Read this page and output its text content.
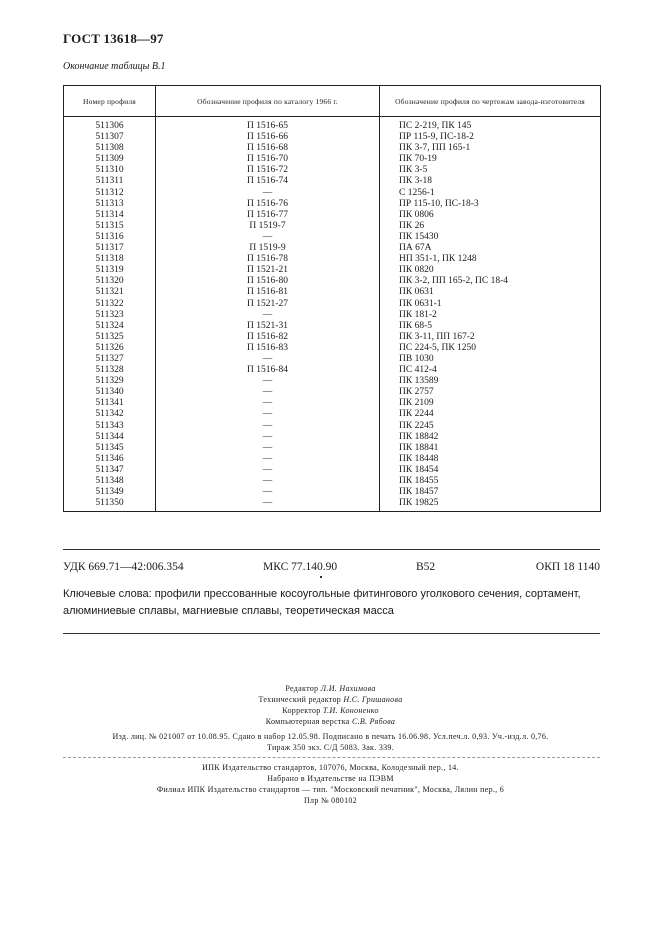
ГОСТ 13618—97
Окончание таблицы В.1
Номер профиля	Обозначение профиля по каталогу 1966 г.	Обозначение профиля по чертежам завода-изготовителя
511306	П 1516-65	ПС 2-219, ПК 145
511307	П 1516-66	ПР 115-9, ПС-18-2
511308	П 1516-68	ПК 3-7, ПП 165-1
511309	П 1516-70	ПК 70-19
511310	П 1516-72	ПК 3-5
511311	П 1516-74	ПК 3-18
511312	—	С 1256-1
511313	П 1516-76	ПР 115-10, ПС-18-3
511314	П 1516-77	ПК 0806
511315	П 1519-7	ПК 26
511316	—	ПК 15430
511317	П 1519-9	ПА 67А
511318	П 1516-78	НП 351-1, ПК 1248
511319	П 1521-21	ПК 0820
511320	П 1516-80	ПК 3-2, ПП 165-2, ПС 18-4
511321	П 1516-81	ПК 0631
511322	П 1521-27	ПК 0631-1
511323	—	ПК 181-2
511324	П 1521-31	ПК 68-5
511325	П 1516-82	ПК 3-11, ПП 167-2
511326	П 1516-83	ПС 224-5, ПК 1250
511327	—	ПВ 1030
511328	П 1516-84	ПС 412-4
511329	—	ПК 13589
511340	—	ПК 2757
511341	—	ПК 2109
511342	—	ПК 2244
511343	—	ПК 2245
511344	—	ПК 18842
511345	—	ПК 18841
511346	—	ПК 18448
511347	—	ПК 18454
511348	—	ПК 18455
511349	—	ПК 18457
511350	—	ПК 19825
УДК 669.71—42:006.354	МКС 77.140.90	В52	ОКП 18 1140
Ключевые слова: профили прессованные косоугольные фитингового уголкового сечения, сортамент, алюминиевые сплавы, магниевые сплавы, теоретическая масса
Редактор Л.И. Нахимова
Технический редактор Н.С. Гришанова
Корректор Т.И. Кононенко
Компьютерная верстка С.В. Рябова
Изд. лиц. № 021007 от 10.08.95. Сдано в набор 12.05.98. Подписано в печать 16.06.98. Усл.печ.л. 0,93. Уч.-изд.л. 0,76.
Тираж 350 экз. С/Д 5083. Зак. 339.
ИПК Издательство стандартов, 107076, Москва, Колодезный пер., 14.
Набрано в Издательстве на ПЭВМ
Филиал ИПК Издательство стандартов — тип. "Московский печатник", Москва, Лялин пер., 6
Плр № 080102
